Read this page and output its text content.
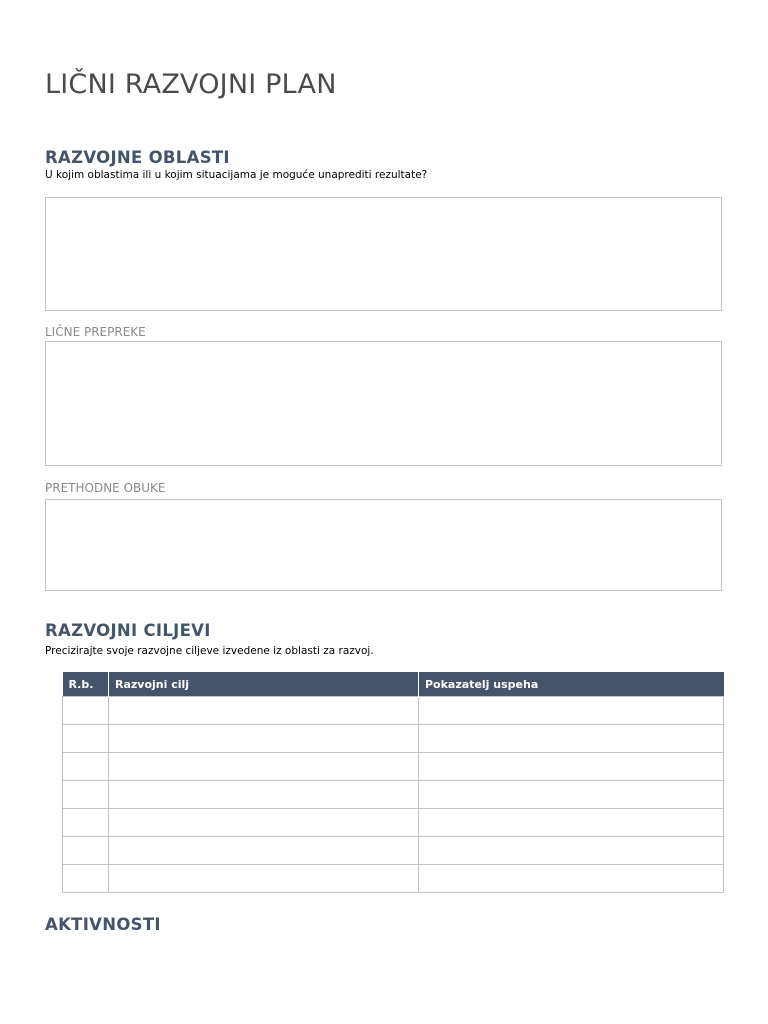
LIČNI RAZVOJNI PLAN
RAZVOJNE OBLASTI

U kojim oblastima ili u kojim situacijama je moguće unaprediti rezultate?

LIČNE PREPREKE

PRETHODNE OBUKE

RAZVOJNI CILJEVI

Precizirajte svoje razvojne ciljeve izvedene iz oblasti za razvoj.

R.b.	Razvojni cilj	Pokazatelj uspeha

AKTIVNOSTI
